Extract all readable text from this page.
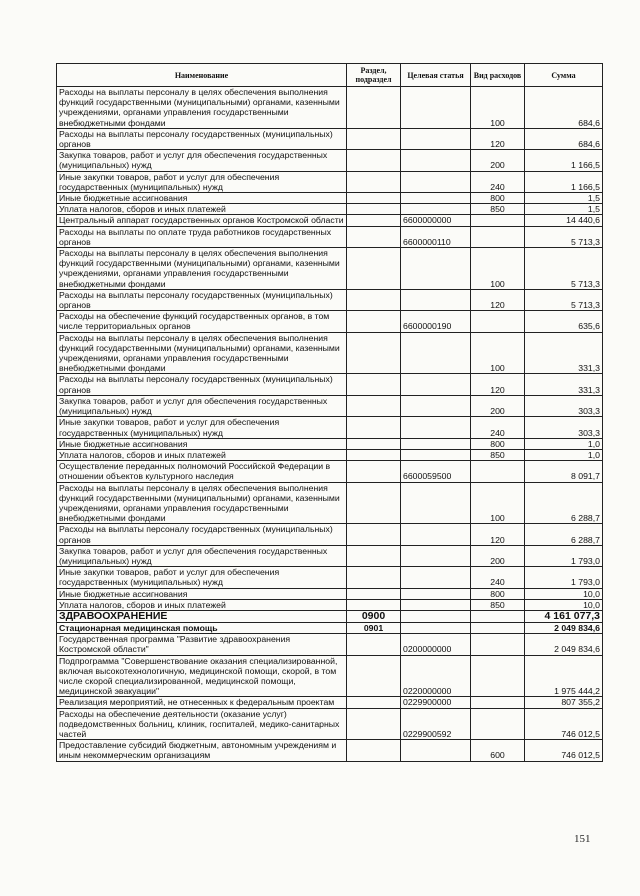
Наименование	Раздел, подраздел	Целевая статья	Вид расходов	Сумма
Расходы на выплаты персоналу в целях обеспечения выполнения функций государственными (муниципальными) органами, казенными учреждениями, органами управления государственными внебюджетными фондами			100	684,6
Расходы на выплаты персоналу государственных (муниципальных) органов			120	684,6
Закупка товаров, работ и услуг для обеспечения государственных (муниципальных) нужд			200	1 166,5
Иные закупки товаров, работ и услуг для обеспечения государственных (муниципальных) нужд			240	1 166,5
Иные бюджетные ассигнования			800	1,5
Уплата налогов, сборов и иных платежей			850	1,5
Центральный аппарат государственных органов Костромской области		6600000000		14 440,6
Расходы на выплаты по оплате труда работников государственных органов		6600000110		5 713,3
Расходы на выплаты персоналу в целях обеспечения выполнения функций государственными (муниципальными) органами, казенными учреждениями, органами управления государственными внебюджетными фондами			100	5 713,3
Расходы на выплаты персоналу государственных (муниципальных) органов			120	5 713,3
Расходы на обеспечение функций государственных органов, в том числе территориальных органов		6600000190		635,6
Расходы на выплаты персоналу в целях обеспечения выполнения функций государственными (муниципальными) органами, казенными учреждениями, органами управления государственными внебюджетными фондами			100	331,3
Расходы на выплаты персоналу государственных (муниципальных) органов			120	331,3
Закупка товаров, работ и услуг для обеспечения государственных (муниципальных) нужд			200	303,3
Иные закупки товаров, работ и услуг для обеспечения государственных (муниципальных) нужд			240	303,3
Иные бюджетные ассигнования			800	1,0
Уплата налогов, сборов и иных платежей			850	1,0
Осуществление переданных полномочий Российской Федерации в отношении объектов культурного наследия		6600059500		8 091,7
Расходы на выплаты персоналу в целях обеспечения выполнения функций государственными (муниципальными) органами, казенными учреждениями, органами управления государственными внебюджетными фондами			100	6 288,7
Расходы на выплаты персоналу государственных (муниципальных) органов			120	6 288,7
Закупка товаров, работ и услуг для обеспечения государственных (муниципальных) нужд			200	1 793,0
Иные закупки товаров, работ и услуг для обеспечения государственных (муниципальных) нужд			240	1 793,0
Иные бюджетные ассигнования			800	10,0
Уплата налогов, сборов и иных платежей			850	10,0
ЗДРАВООХРАНЕНИЕ	0900			4 161 077,3
Стационарная медицинская помощь	0901			2 049 834,6
Государственная программа "Развитие здравоохранения Костромской области"		0200000000		2 049 834,6
Подпрограмма "Совершенствование оказания специализированной, включая высокотехнологичную, медицинской помощи, скорой, в том числе скорой специализированной, медицинской помощи, медицинской эвакуации"		0220000000		1 975 444,2
Реализация мероприятий, не отнесенных к федеральным проектам		0229900000		807 355,2
Расходы на обеспечение деятельности (оказание услуг) подведомственных больниц, клиник, госпиталей, медико-санитарных частей		0229900592		746 012,5
Предоставление субсидий бюджетным, автономным учреждениям и иным некоммерческим организациям			600	746 012,5
151
